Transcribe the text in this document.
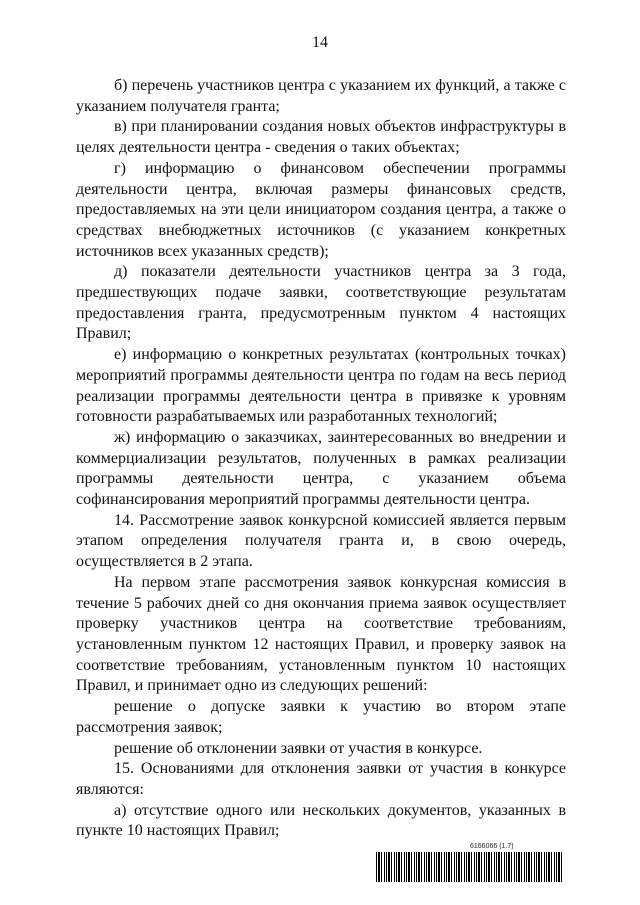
14

б) перечень участников центра с указанием их функций, а также с указанием получателя гранта;

в) при планировании создания новых объектов инфраструктуры в целях деятельности центра - сведения о таких объектах;

г) информацию о финансовом обеспечении программы деятельности центра, включая размеры финансовых средств, предоставляемых на эти цели инициатором создания центра, а также о средствах внебюджетных источников (с указанием конкретных источников всех указанных средств);

д) показатели деятельности участников центра за 3 года, предшествующих подаче заявки, соответствующие результатам предоставления гранта, предусмотренным пунктом 4 настоящих Правил;

е) информацию о конкретных результатах (контрольных точках) мероприятий программы деятельности центра по годам на весь период реализации программы деятельности центра в привязке к уровням готовности разрабатываемых или разработанных технологий;

ж) информацию о заказчиках, заинтересованных во внедрении и коммерциализации результатов, полученных в рамках реализации программы деятельности центра, с указанием объема софинансирования мероприятий программы деятельности центра.

14. Рассмотрение заявок конкурсной комиссией является первым этапом определения получателя гранта и, в свою очередь, осуществляется в 2 этапа.

На первом этапе рассмотрения заявок конкурсная комиссия в течение 5 рабочих дней со дня окончания приема заявок осуществляет проверку участников центра на соответствие требованиям, установленным пунктом 12 настоящих Правил, и проверку заявок на соответствие требованиям, установленным пунктом 10 настоящих Правил, и принимает одно из следующих решений:

решение о допуске заявки к участию во втором этапе рассмотрения заявок;

решение об отклонении заявки от участия в конкурсе.

15. Основаниями для отклонения заявки от участия в конкурсе являются:

а) отсутствие одного или нескольких документов, указанных в пункте 10 настоящих Правил;

6166066 (1.7)
